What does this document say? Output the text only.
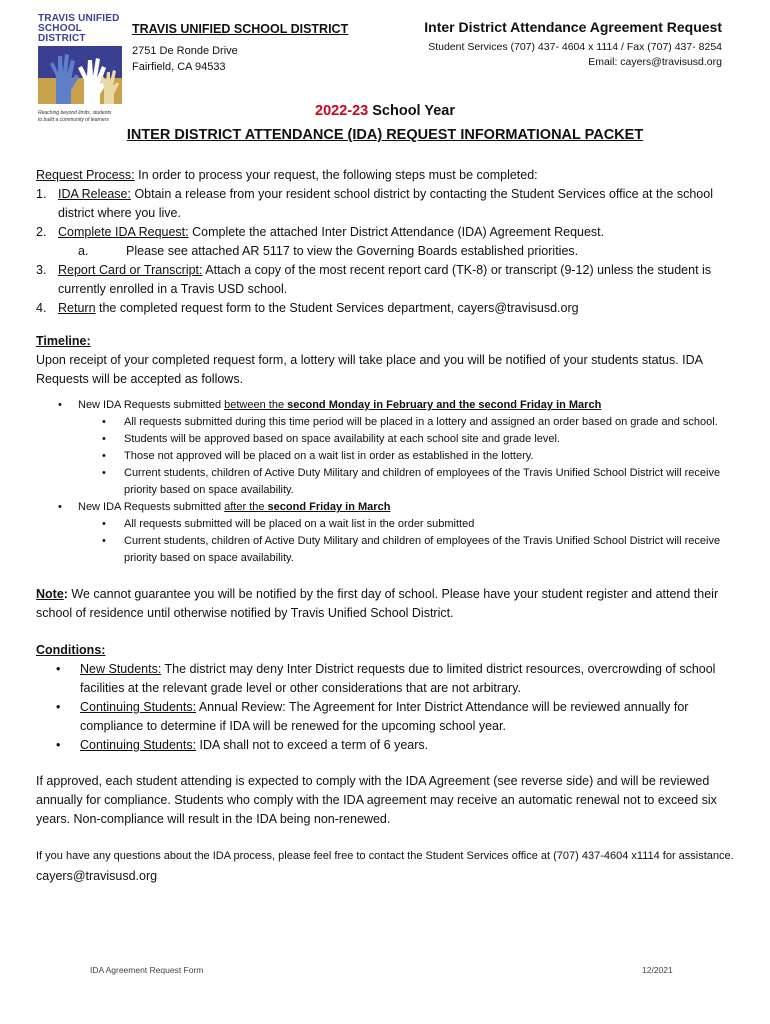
TRAVIS UNIFIED
SCHOOL DISTRICT
Reaching beyond limits, students
to build a community of learners
TRAVIS UNIFIED SCHOOL DISTRICT
2751 De Ronde Drive
Fairfield, CA 94533
Inter District Attendance Agreement Request
Student Services (707) 437- 4604 x 1114 / Fax (707) 437- 8254
Email: cayers@travisusd.org
2022-23 School Year
INTER DISTRICT ATTENDANCE (IDA) REQUEST INFORMATIONAL PACKET
Request Process: In order to process your request, the following steps must be completed:
1. IDA Release: Obtain a release from your resident school district by contacting the Student Services office at the school district where you live.
2. Complete IDA Request: Complete the attached Inter District Attendance (IDA) Agreement Request.
a.	Please see attached AR 5117 to view the Governing Boards established priorities.
3. Report Card or Transcript: Attach a copy of the most recent report card (TK-8) or transcript (9-12) unless the student is currently enrolled in a Travis USD school.
4. Return the completed request form to the Student Services department, cayers@travisusd.org
Timeline:
Upon receipt of your completed request form, a lottery will take place and you will be notified of your students status. IDA Requests will be accepted as follows.
•	New IDA Requests submitted between the second Monday in February and the second Friday in March
•	All requests submitted during this time period will be placed in a lottery and assigned an order based on grade and school.
•	Students will be approved based on space availability at each school site and grade level.
•	Those not approved will be placed on a wait list in order as established in the lottery.
•	Current students, children of Active Duty Military and children of employees of the Travis Unified School District will receive priority based on space availability.
•	New IDA Requests submitted after the second Friday in March
•	All requests submitted will be placed on a wait list in the order submitted
•	Current students, children of Active Duty Military and children of employees of the Travis Unified School District will receive priority based on space availability.
Note: We cannot guarantee you will be notified by the first day of school. Please have your student register and attend their school of residence until otherwise notified by Travis Unified School District.
Conditions:
•	New Students: The district may deny Inter District requests due to limited district resources, overcrowding of school facilities at the relevant grade level or other considerations that are not arbitrary.
•	Continuing Students: Annual Review: The Agreement for Inter District Attendance will be reviewed annually for compliance to determine if IDA will be renewed for the upcoming school year.
•	Continuing Students: IDA shall not to exceed a term of 6 years.
If approved, each student attending is expected to comply with the IDA Agreement (see reverse side) and will be reviewed annually for compliance. Students who comply with the IDA agreement may receive an automatic renewal not to exceed six years. Non-compliance will result in the IDA being non-renewed.
If you have any questions about the IDA process, please feel free to contact the Student Services office at (707) 437-4604 x1114 for assistance. cayers@travisusd.org
IDA Agreement Request Form	12/2021
